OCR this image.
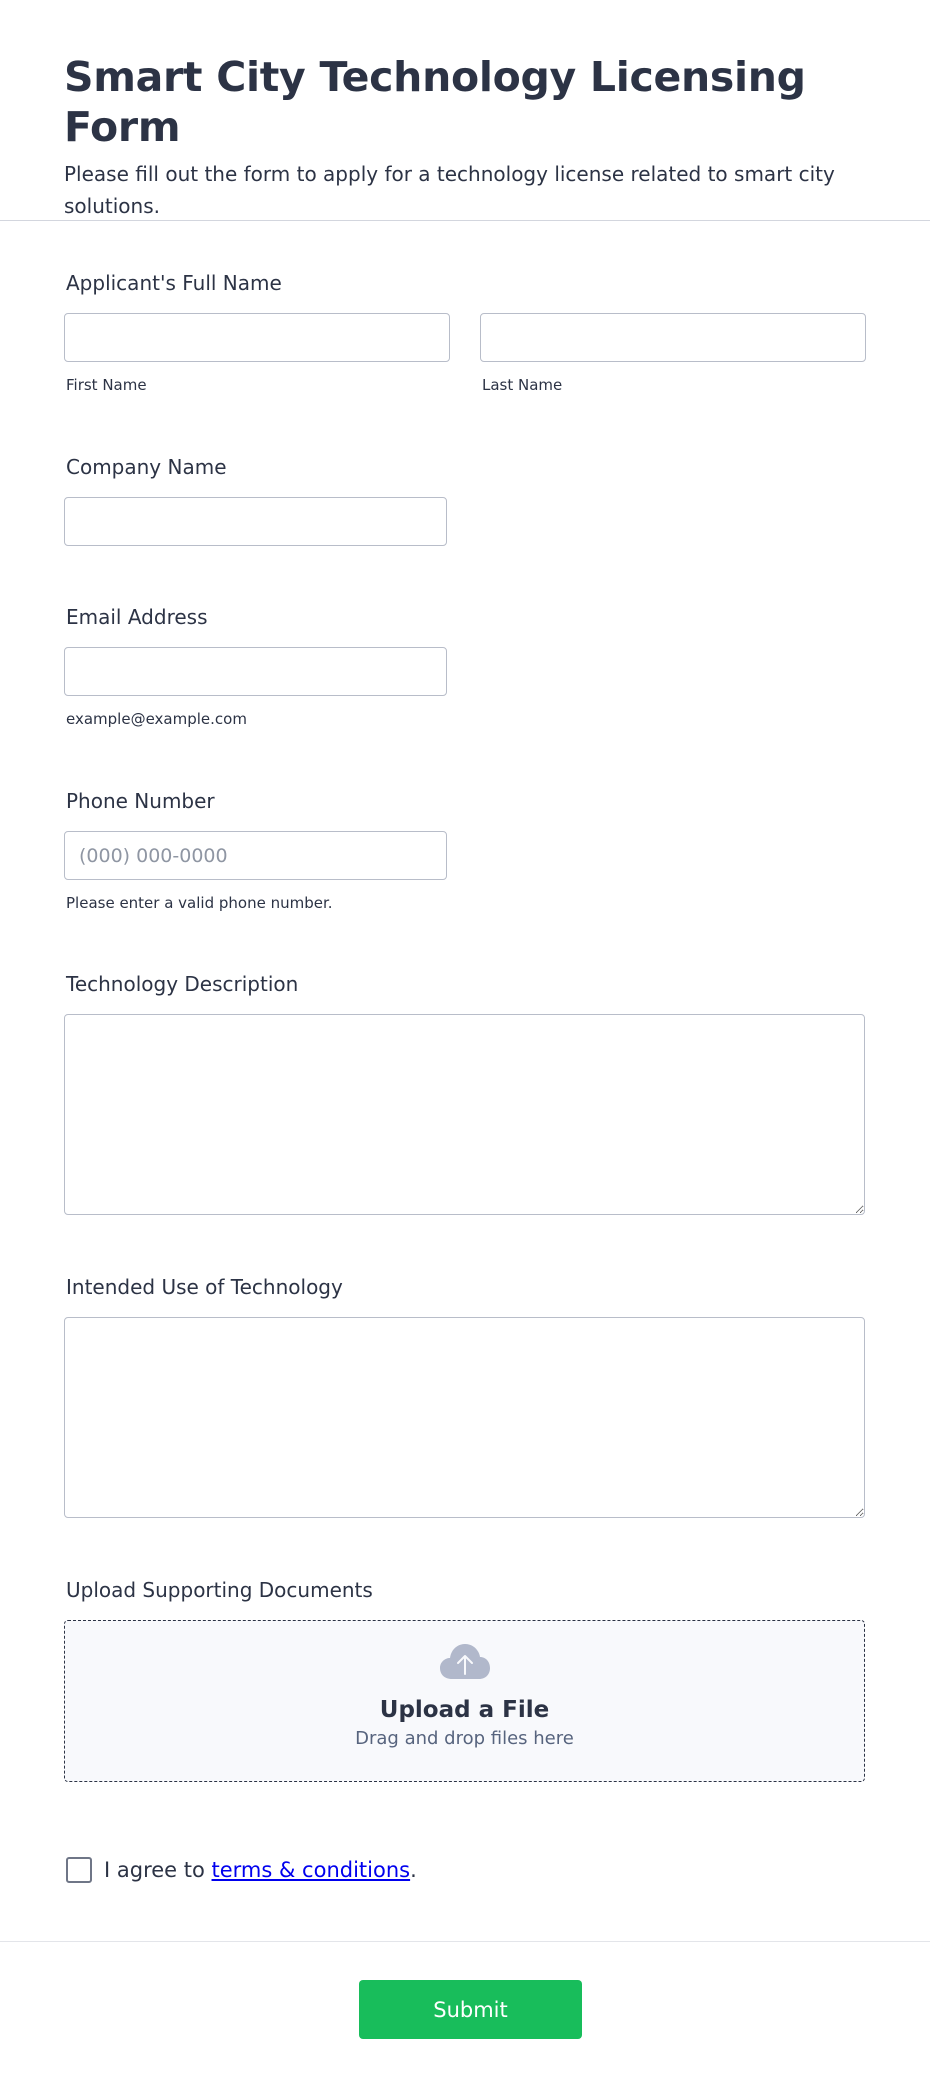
Smart City Technology Licensing Form

Please fill out the form to apply for a technology license related to smart city solutions.

Applicant's Full Name
First Name	Last Name
Company Name
Email Address
example@example.com
Phone Number
(000) 000-0000
Please enter a valid phone number.
Technology Description
Intended Use of Technology
Upload Supporting Documents
Upload a File
Drag and drop files here
I agree to terms & conditions.
Submit
